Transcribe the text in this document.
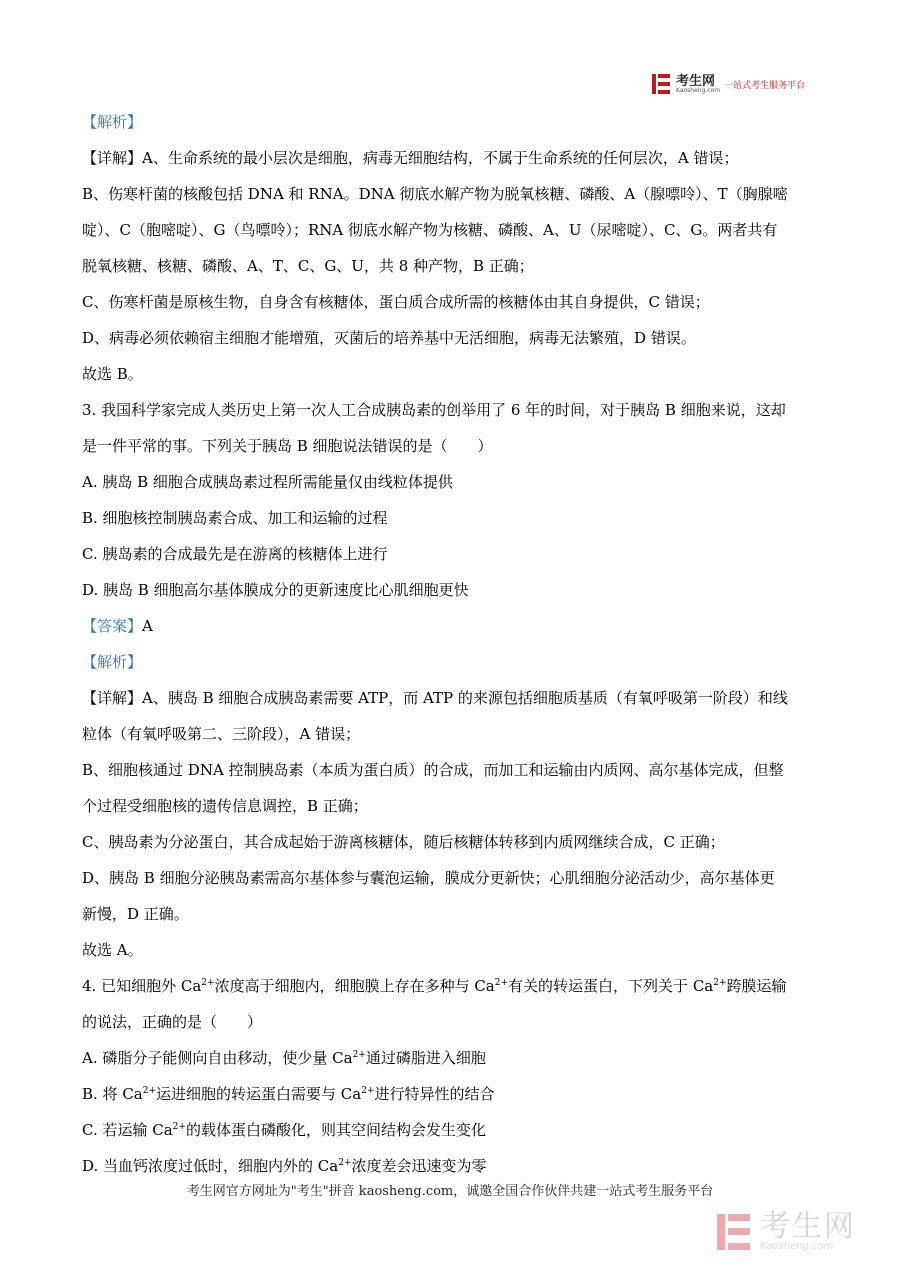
考生网
Kaosheng.com 一站式考生服务平台
【解析】
【详解】A、生命系统的最小层次是细胞，病毒无细胞结构，不属于生命系统的任何层次，A 错误；
B、伤寒杆菌的核酸包括 DNA 和 RNA。DNA 彻底水解产物为脱氧核糖、磷酸、A（腺嘌呤）、T（胸腺嘧
啶）、C（胞嘧啶）、G（鸟嘌呤）；RNA 彻底水解产物为核糖、磷酸、A、U（尿嘧啶）、C、G。两者共有
脱氧核糖、核糖、磷酸、A、T、C、G、U，共 8 种产物，B 正确；
C、伤寒杆菌是原核生物，自身含有核糖体，蛋白质合成所需的核糖体由其自身提供，C 错误；
D、病毒必须依赖宿主细胞才能增殖，灭菌后的培养基中无活细胞，病毒无法繁殖，D 错误。
故选 B。
3. 我国科学家完成人类历史上第一次人工合成胰岛素的创举用了 6 年的时间，对于胰岛 B 细胞来说，这却
是一件平常的事。下列关于胰岛 B 细胞说法错误的是（　　）
A. 胰岛 B 细胞合成胰岛素过程所需能量仅由线粒体提供
B. 细胞核控制胰岛素合成、加工和运输的过程
C. 胰岛素的合成最先是在游离的核糖体上进行
D. 胰岛 B 细胞高尔基体膜成分的更新速度比心肌细胞更快
【答案】A
【解析】
【详解】A、胰岛 B 细胞合成胰岛素需要 ATP，而 ATP 的来源包括细胞质基质（有氧呼吸第一阶段）和线
粒体（有氧呼吸第二、三阶段），A 错误；
B、细胞核通过 DNA 控制胰岛素（本质为蛋白质）的合成，而加工和运输由内质网、高尔基体完成，但整
个过程受细胞核的遗传信息调控，B 正确；
C、胰岛素为分泌蛋白，其合成起始于游离核糖体，随后核糖体转移到内质网继续合成，C 正确；
D、胰岛 B 细胞分泌胰岛素需高尔基体参与囊泡运输，膜成分更新快；心肌细胞分泌活动少，高尔基体更
新慢，D 正确。
故选 A。
4. 已知细胞外 $Ca^{2+}$浓度高于细胞内，细胞膜上存在多种与 $Ca^{2+}$有关的转运蛋白，下列关于 $Ca^{2+}$跨膜运输
的说法，正确的是（　　）
A. 磷脂分子能侧向自由移动，使少量 $Ca^{2+}$通过磷脂进入细胞
B. 将 $Ca^{2+}$运进细胞的转运蛋白需要与 $Ca^{2+}$进行特异性的结合
C. 若运输 $Ca^{2+}$的载体蛋白磷酸化，则其空间结构会发生变化
D. 当血钙浓度过低时，细胞内外的 $Ca^{2+}$浓度差会迅速变为零
考生网官方网址为"考生"拼音 kaosheng.com，诚邀全国合作伙伴共建一站式考生服务平台
考生网
Kaosheng.com
